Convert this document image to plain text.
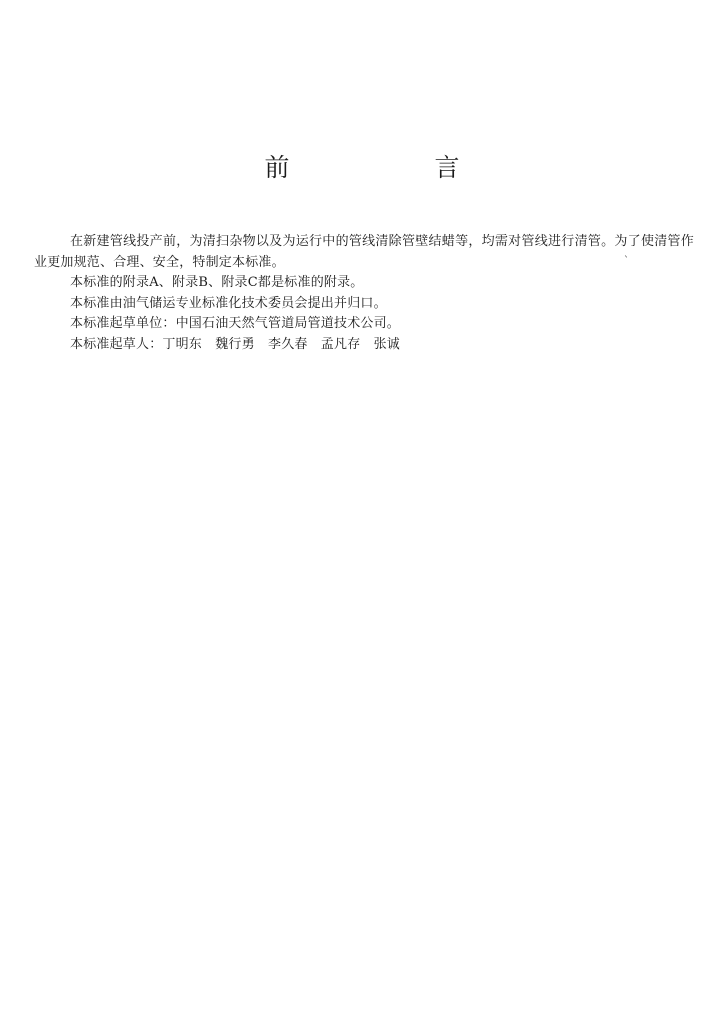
前　言

在新建管线投产前，为清扫杂物以及为运行中的管线清除管壁结蜡等，均需对管线进行清管。为了使清管作业更加规范、合理、安全，特制定本标准。

本标准的附录A、附录B、附录C都是标准的附录。

本标准由油气储运专业标准化技术委员会提出并归口。

本标准起草单位：中国石油天然气管道局管道技术公司。

本标准起草人：丁明东　魏行勇　李久春　孟凡存　张诚

ˋ
